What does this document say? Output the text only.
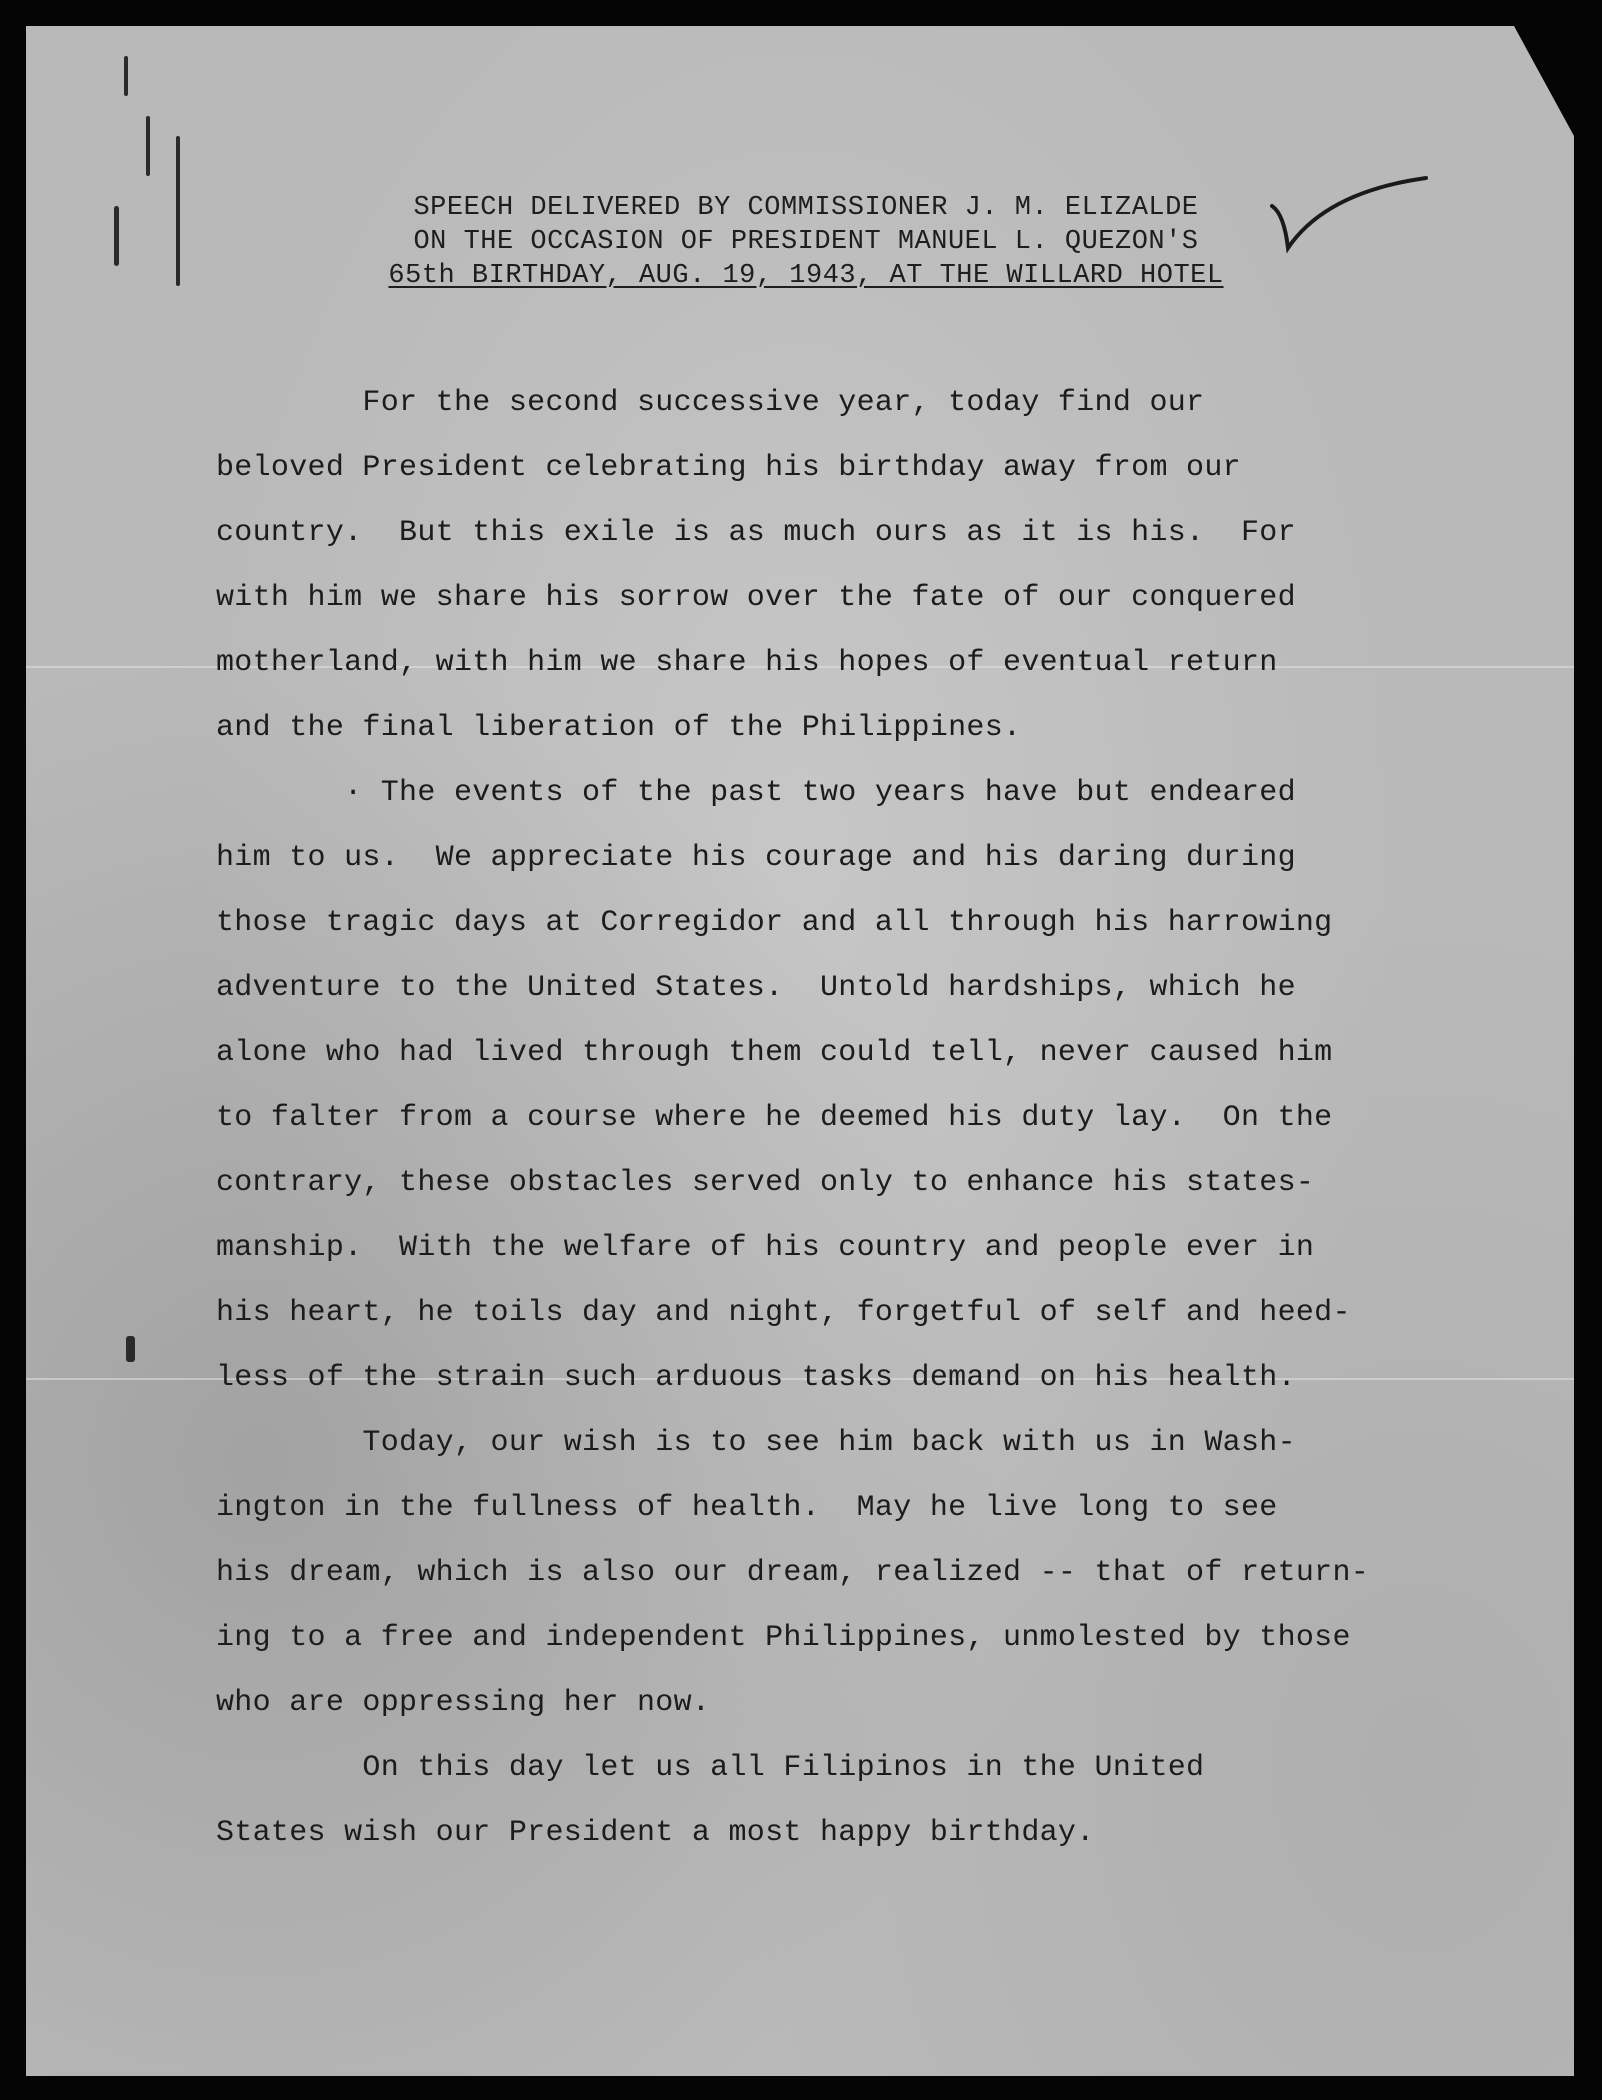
SPEECH DELIVERED BY COMMISSIONER J. M. ELIZALDE
ON THE OCCASION OF PRESIDENT MANUEL L. QUEZON'S
65th BIRTHDAY, AUG. 19, 1943, AT THE WILLARD HOTEL

For the second successive year, today find our

beloved President celebrating his birthday away from our

country.  But this exile is as much ours as it is his.  For

with him we share his sorrow over the fate of our conquered

motherland, with him we share his hopes of eventual return

and the final liberation of the Philippines.

· The events of the past two years have but endeared

him to us.  We appreciate his courage and his daring during

those tragic days at Corregidor and all through his harrowing

adventure to the United States.  Untold hardships, which he

alone who had lived through them could tell, never caused him

to falter from a course where he deemed his duty lay.  On the

contrary, these obstacles served only to enhance his states-

manship.  With the welfare of his country and people ever in

his heart, he toils day and night, forgetful of self and heed-

less of the strain such arduous tasks demand on his health.

Today, our wish is to see him back with us in Wash-

ington in the fullness of health.  May he live long to see

his dream, which is also our dream, realized -- that of return-

ing to a free and independent Philippines, unmolested by those

who are oppressing her now.

On this day let us all Filipinos in the United

States wish our President a most happy birthday.
